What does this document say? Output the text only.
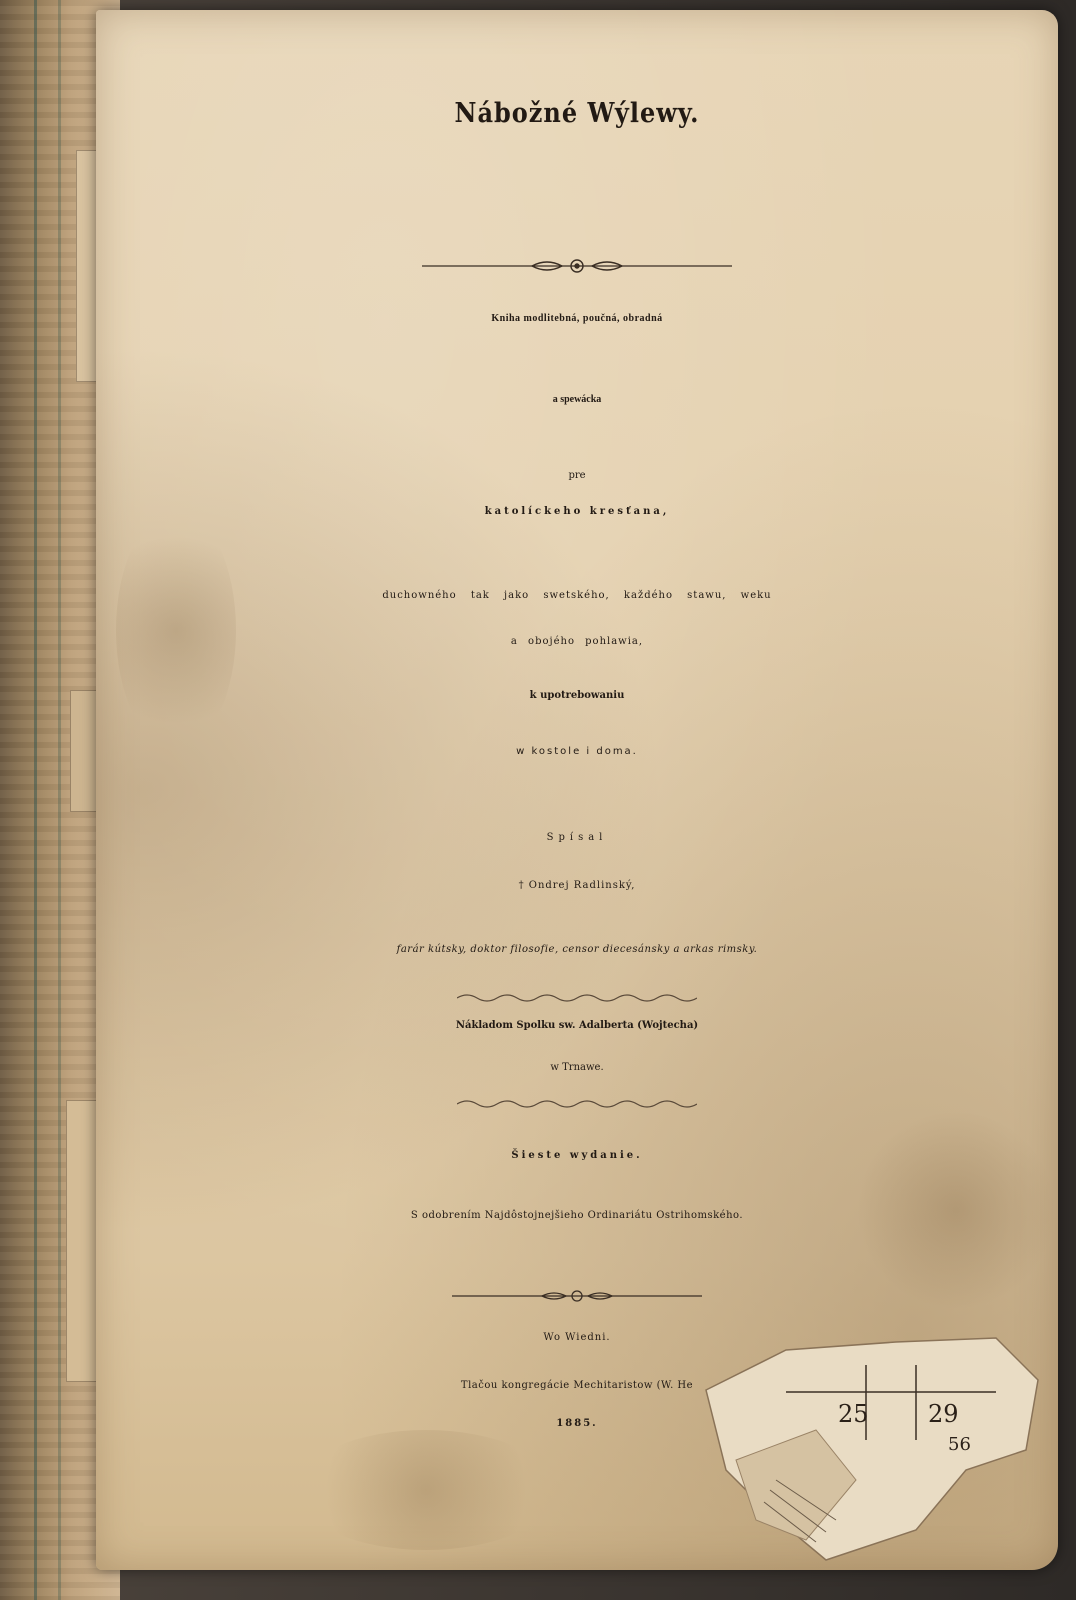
Nábožné Wýlewy.
Kniha modlitebná, poučná, obradná
a spewácka
pre
katolíckeho kresťana,
duchowného tak jako swetského, každého stawu, weku
a obojého pohlawia,
k upotrebowaniu
w kostole i doma.
Spísal
† Ondrej Radlinský,
farár kútsky, doktor filosofie, censor diecesánsky a arkas rimsky.
Nákladom Spolku sw. Adalberta (Wojtecha)
w Trnawe.
Šieste wydanie.
S odobrením Najdôstojnejšieho Ordinariátu Ostrihomského.
Wo Wiedni.
Tlačou kongregácie Mechitaristow (W. He
1885.	25 29
56
